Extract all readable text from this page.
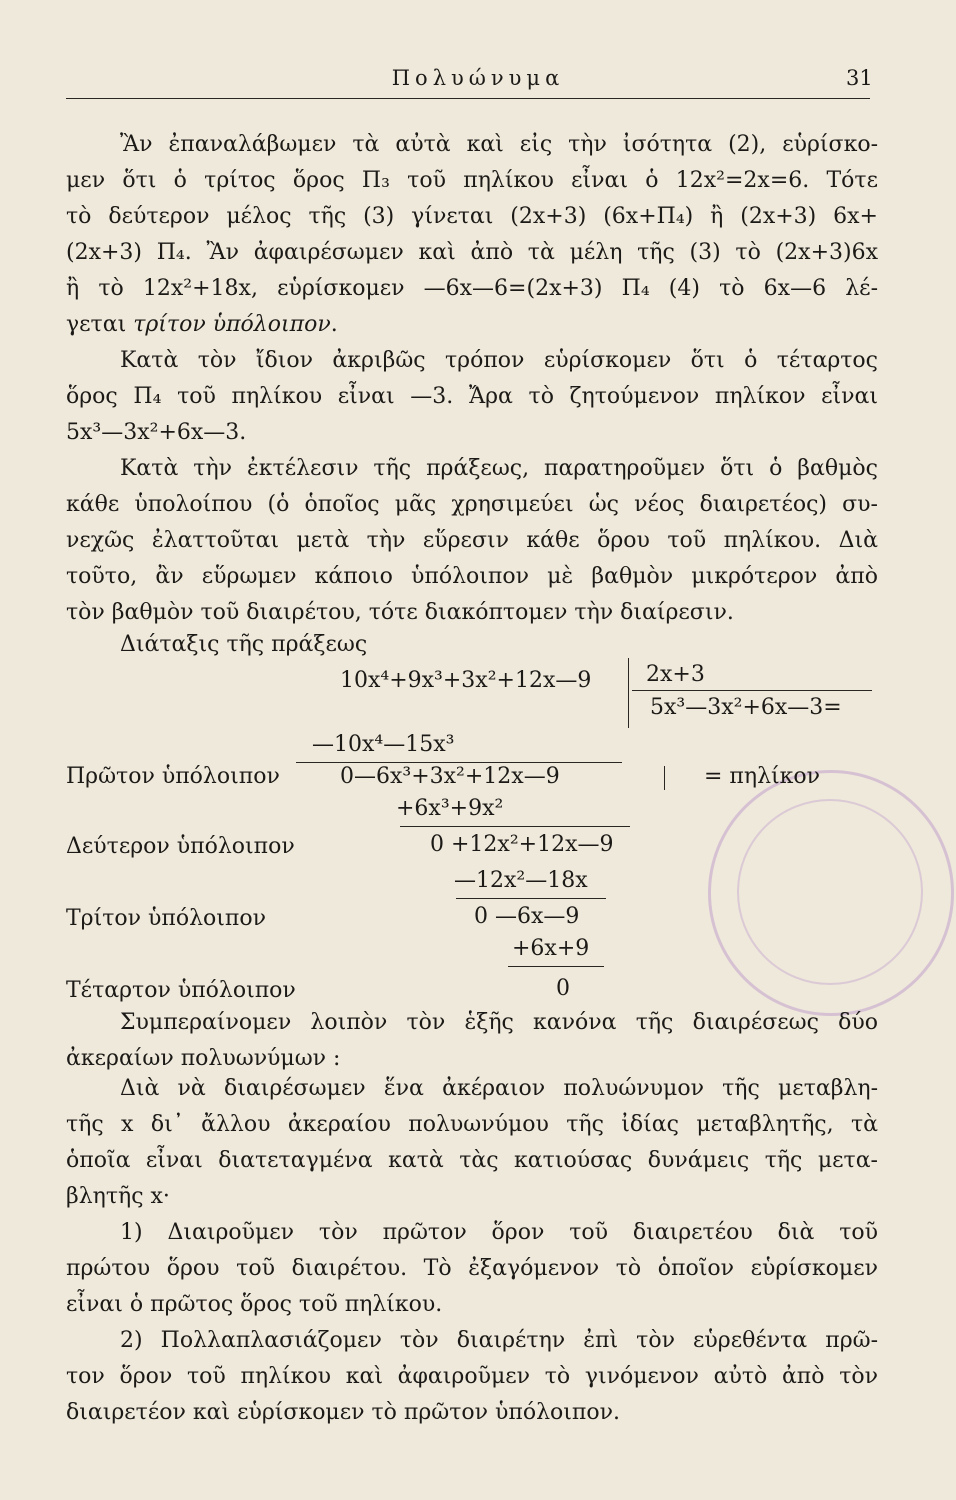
Πολυώνυμα	31
Ἂν ἐπαναλάβωμεν τὰ αὐτὰ καὶ εἰς τὴν ἰσότητα (2), εὑρίσκο-
μεν ὅτι ὁ τρίτος ὅρος Π₃ τοῦ πηλίκου εἶναι ὁ 12x²=2x=6. Τότε
τὸ δεύτερον μέλος τῆς (3) γίνεται (2x+3) (6x+Π₄) ἢ (2x+3) 6x+
(2x+3) Π₄. Ἂν ἀφαιρέσωμεν καὶ ἀπὸ τὰ μέλη τῆς (3) τὸ (2x+3)6x
ἢ τὸ 12x²+18x, εὑρίσκομεν —6x—6=(2x+3) Π₄ (4) τὸ 6x—6 λέ-
γεται τρίτον ὑπόλοιπον.
Κατὰ τὸν ἴδιον ἀκριβῶς τρόπον εὑρίσκομεν ὅτι ὁ τέταρτος
ὅρος Π₄ τοῦ πηλίκου εἶναι —3. Ἄρα τὸ ζητούμενον πηλίκον εἶναι
5x³—3x²+6x—3.
Κατὰ τὴν ἐκτέλεσιν τῆς πράξεως, παρατηροῦμεν ὅτι ὁ βαθμὸς
κάθε ὑπολοίπου (ὁ ὁποῖος μᾶς χρησιμεύει ὡς νέος διαιρετέος) συ-
νεχῶς ἐλαττοῦται μετὰ τὴν εὕρεσιν κάθε ὅρου τοῦ πηλίκου. Διὰ
τοῦτο, ἂν εὕρωμεν κάποιο ὑπόλοιπον μὲ βαθμὸν μικρότερον ἀπὸ
τὸν βαθμὸν τοῦ διαιρέτου, τότε διακόπτομεν τὴν διαίρεσιν.
Διάταξις τῆς πράξεως
10x⁴+9x³+3x²+12x—9 2x+3
5x³—3x²+6x—3=
—10x⁴—15x³
Πρῶτον ὑπόλοιπον	0—6x³+3x²+12x—9	= πηλίκον
+6x³+9x²
Δεύτερον ὑπόλοιπον	0 +12x²+12x—9
—12x²—18x
Τρίτον ὑπόλοιπον	0 —6x—9
+6x+9
Τέταρτον ὑπόλοιπον	0
Συμπεραίνομεν λοιπὸν τὸν ἑξῆς κανόνα τῆς διαιρέσεως δύο
ἀκεραίων πολυωνύμων :
Διὰ νὰ διαιρέσωμεν ἕνα ἀκέραιον πολυώνυμον τῆς μεταβλη-
τῆς x δι᾽ ἄλλου ἀκεραίου πολυωνύμου τῆς ἰδίας μεταβλητῆς, τὰ
ὁποῖα εἶναι διατεταγμένα κατὰ τὰς κατιούσας δυνάμεις τῆς μετα-
βλητῆς x·
1) Διαιροῦμεν τὸν πρῶτον ὅρον τοῦ διαιρετέου διὰ τοῦ
πρώτου ὅρου τοῦ διαιρέτου. Τὸ ἐξαγόμενον τὸ ὁποῖον εὑρίσκομεν
εἶναι ὁ πρῶτος ὅρος τοῦ πηλίκου.
2) Πολλαπλασιάζομεν τὸν διαιρέτην ἐπὶ τὸν εὑρεθέντα πρῶ-
τον ὅρον τοῦ πηλίκου καὶ ἀφαιροῦμεν τὸ γινόμενον αὐτὸ ἀπὸ τὸν
διαιρετέον καὶ εὑρίσκομεν τὸ πρῶτον ὑπόλοιπον.
